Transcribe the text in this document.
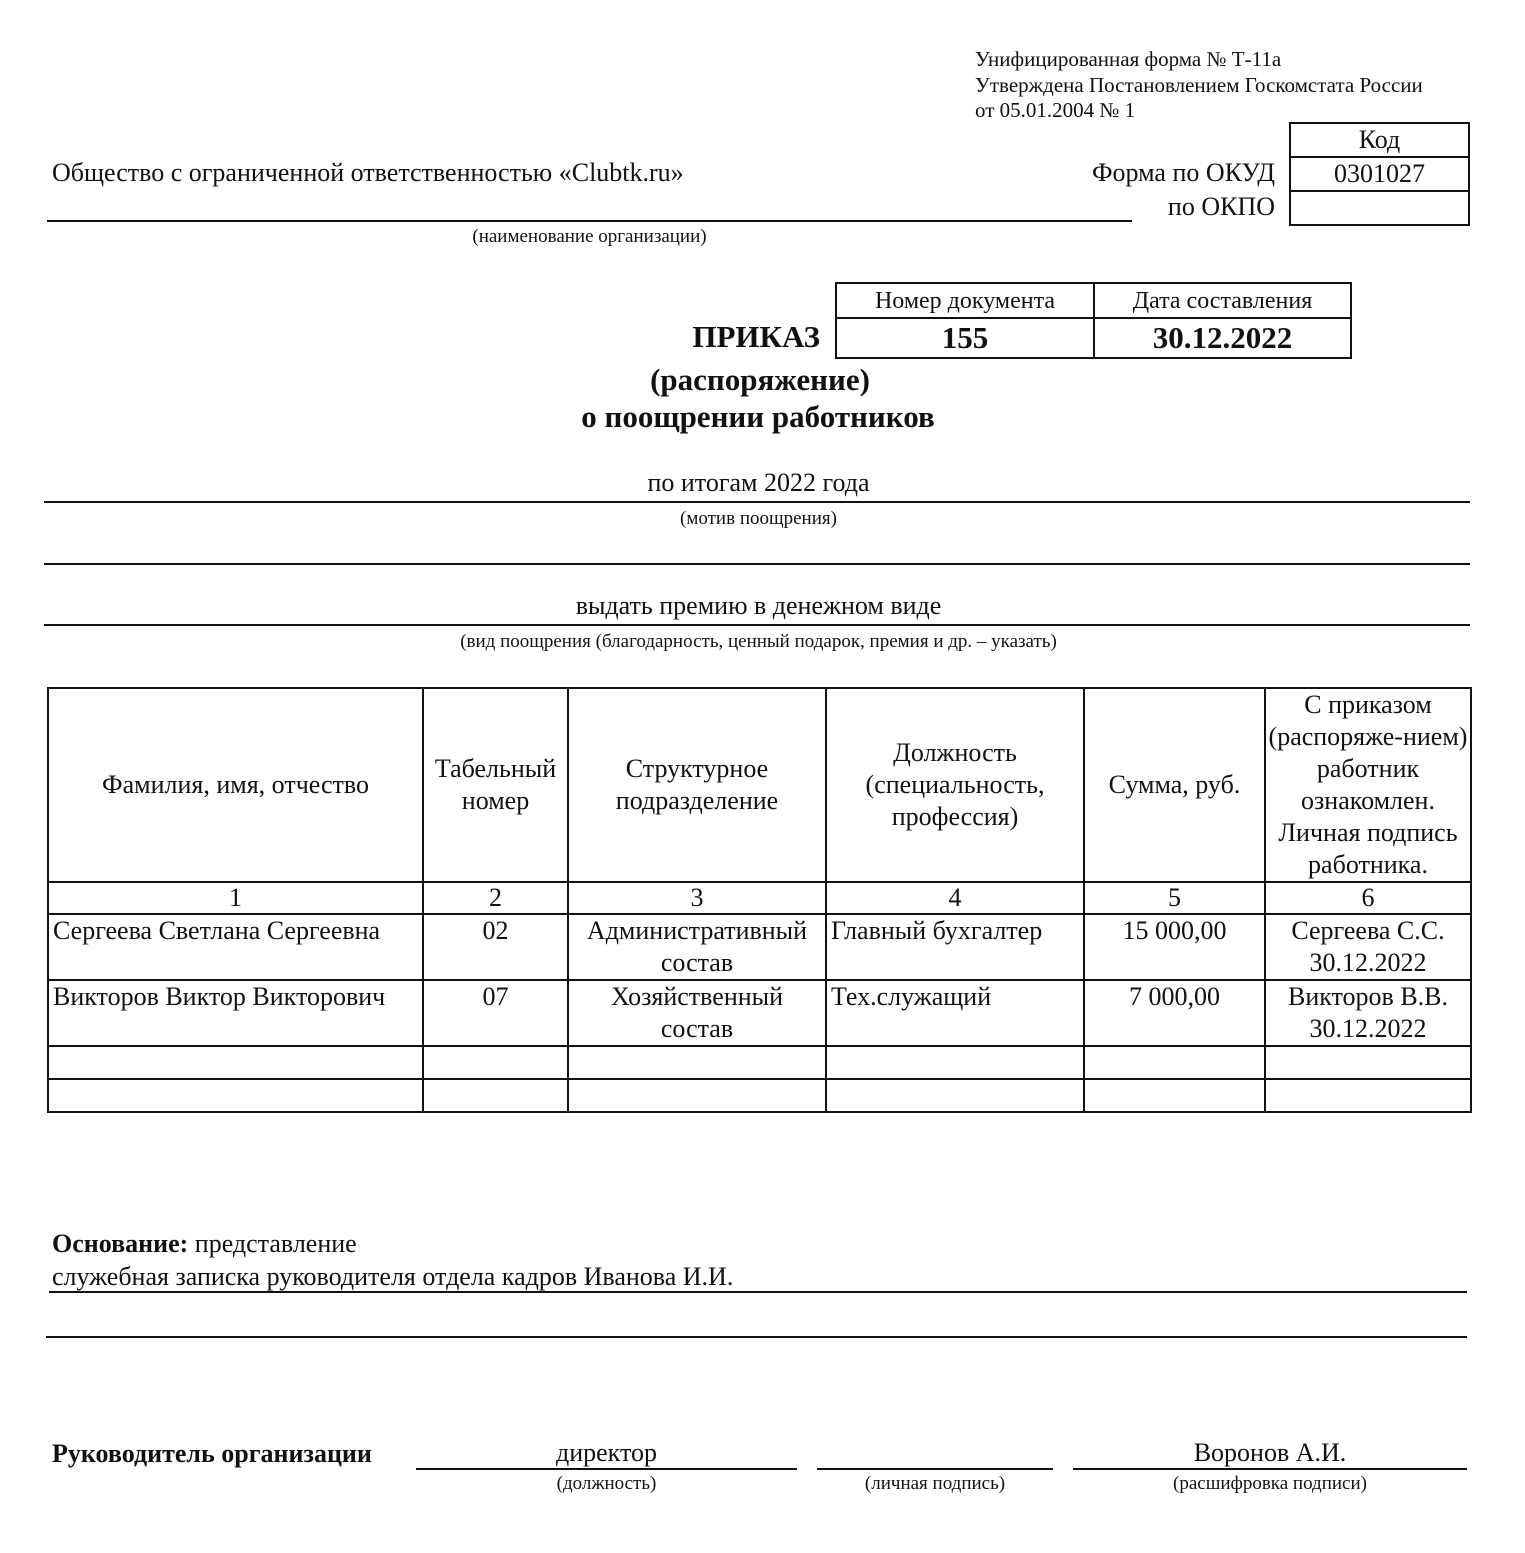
Унифицированная форма № Т-11а
Утверждена Постановлением Госкомстата России
от 05.01.2004 № 1
Код
0301027

Форма по ОКУД
по ОКПО
Общество с ограниченной ответственностью «Clubtk.ru»
(наименование организации)
Номер документа	Дата составления
155	30.12.2022
ПРИКАЗ
(распоряжение)
о поощрении работников
по итогам 2022 года
(мотив поощрения)
выдать премию в денежном виде
(вид поощрения (благодарность, ценный подарок, премия и др. – указать)
Фамилия, имя, отчество	Табельный номер	Структурное подразделение	Должность (специальность, профессия)	Сумма, руб.	С приказом (распоряже-нием) работник ознакомлен. Личная подпись работника.
1	2	3	4	5	6
Сергеева Светлана Сергеевна	02	Административный состав	Главный бухгалтер	15 000,00	Сергеева С.С. 30.12.2022
Викторов Виктор Викторович	07	Хозяйственный состав	Тех.служащий	7 000,00	Викторов В.В. 30.12.2022

Основание: представление
служебная записка руководителя отдела кадров Иванова И.И.
Руководитель организации	директор
(должность)	(личная подпись)
Воронов А.И.
(расшифровка подписи)
